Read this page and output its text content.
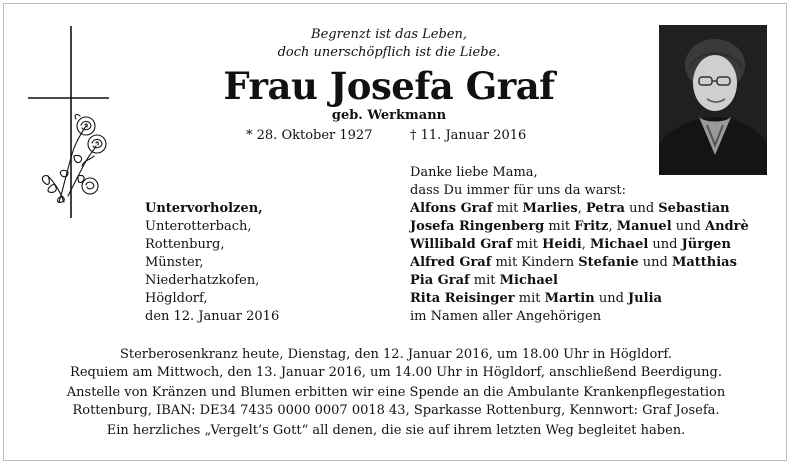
Begrenzt ist das Leben,
doch unerschöpflich ist die Liebe.
Frau Josefa Graf
geb. Werkmann
* 28. Oktober 1927	† 11. Januar 2016
Untervorholzen,
Unterotterbach,
Rottenburg,
Münster,
Niederhatzkofen,
Högldorf,
den 12. Januar 2016
Danke liebe Mama,
dass Du immer für uns da warst:
Alfons Graf mit Marlies, Petra und Sebastian
Josefa Ringenberg mit Fritz, Manuel und Andrè
Willibald Graf mit Heidi, Michael und Jürgen
Alfred Graf mit Kindern Stefanie und Matthias
Pia Graf mit Michael
Rita Reisinger mit Martin und Julia
im Namen aller Angehörigen
Sterberosenkranz heute, Dienstag, den 12. Januar 2016, um 18.00 Uhr in Högldorf.
Requiem am Mittwoch, den 13. Januar 2016, um 14.00 Uhr in Högldorf, anschließend Beerdigung.
Anstelle von Kränzen und Blumen erbitten wir eine Spende an die Ambulante Krankenpflegestation
Rottenburg, IBAN: DE34 7435 0000 0007 0018 43, Sparkasse Rottenburg, Kennwort: Graf Josefa.
Ein herzliches „Vergelt’s Gott“ all denen, die sie auf ihrem letzten Weg begleitet haben.
